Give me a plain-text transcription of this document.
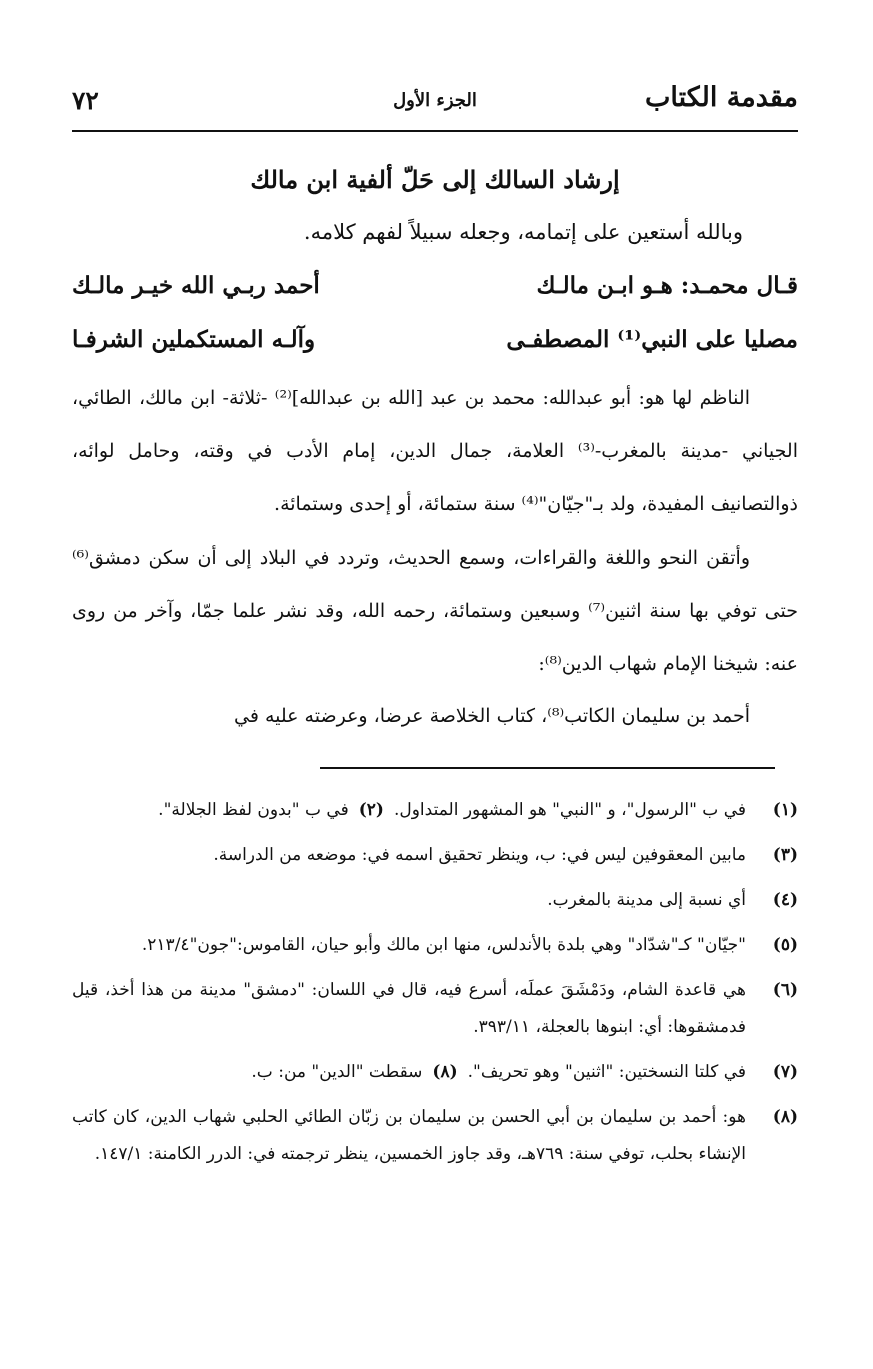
مقدمة الكتاب
الجزء الأول
٧٢
إرشاد السالك إلى حَلّ ألفية ابن مالك
وبالله أستعين على إتمامه، وجعله سبيلاً لفهم كلامه.
قـال محمـد: هـو ابـن مالـك
أحمد ربـي الله خيـر مالـك
مصليا على النبي⁽¹⁾ المصطفـى
وآلـه المستكملين الشرفـا
الناظم لها هو: أبو عبدالله: محمد بن عبد [الله بن عبدالله]⁽²⁾ -ثلاثة- ابن مالك، الطائي، الجياني -مدينة بالمغرب-⁽³⁾ العلامة، جمال الدين، إمام الأدب في وقته، وحامل لوائه، ذوالتصانيف المفيدة، ولد بـ"جيّان"⁽⁴⁾ سنة ستمائة، أو إحدى وستمائة.
وأتقن النحو واللغة والقراءات، وسمع الحديث، وتردد في البلاد إلى أن سكن دمشق⁽⁶⁾ حتى توفي بها سنة اثنين⁽⁷⁾ وسبعين وستمائة، رحمه الله، وقد نشر علما جمّا، وآخر من روى عنه: شيخنا الإمام شهاب الدين⁽⁸⁾:
أحمد بن سليمان الكاتب⁽⁸⁾، كتاب الخلاصة عرضا، وعرضته عليه في
(١)
في ب "الرسول"، و "النبي" هو المشهور المتداول.(٢)في ب "بدون لفظ الجلالة".
(٣)
مابين المعقوفين ليس في: ب، وينظر تحقيق اسمه في: موضعه من الدراسة.
(٤)
أي نسبة إلى مدينة بالمغرب.
(٥)
"جيّان" كـ"شدّاد" وهي بلدة بالأندلس، منها ابن مالك وأبو حيان، القاموس:"جون"٢١٣/٤.
(٦)
هي قاعدة الشام، ودَمْشَقَ عملَه، أسرع فيه، قال في اللسان: "دمشق" مدينة من هذا أخذ، قيل فدمشقوها: أي: ابنوها بالعجلة، ٣٩٣/١١.
(٧)
في كلتا النسختين: "اثنين" وهو تحريف".(٨)سقطت "الدين" من: ب.
(٨)
هو: أحمد بن سليمان بن أبي الحسن بن سليمان بن زبّان الطائي الحلبي شهاب الدين، كان كاتب الإنشاء بحلب، توفي سنة: ٧٦٩هـ، وقد جاوز الخمسين، ينظر ترجمته في: الدرر الكامنة: ١٤٧/١.
